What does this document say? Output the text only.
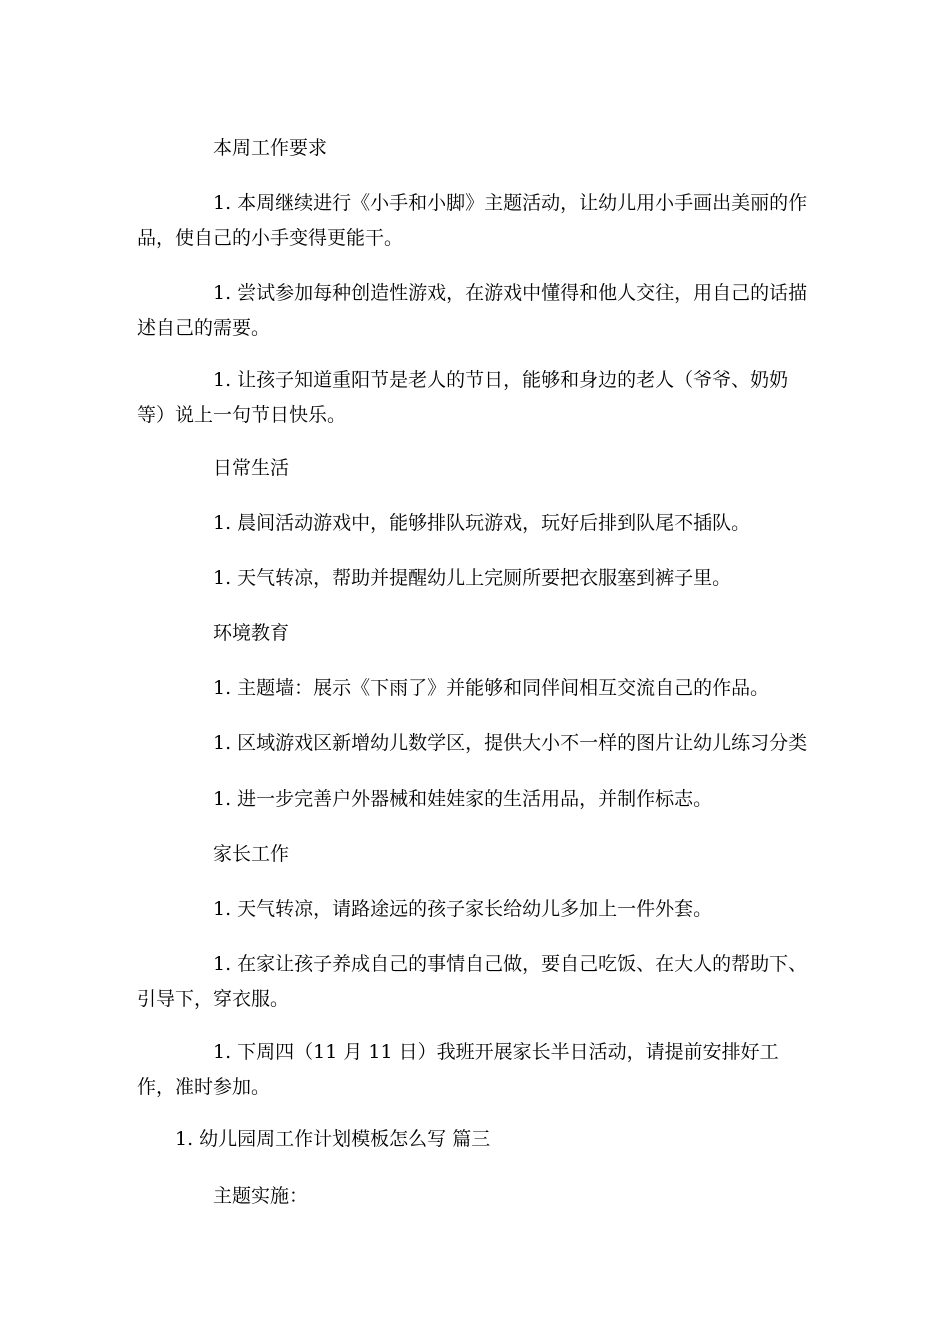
本周工作要求

1. 本周继续进行《小手和小脚》主题活动，让幼儿用小手画出美丽的作品，使自己的小手变得更能干。

1. 尝试参加每种创造性游戏，在游戏中懂得和他人交往，用自己的话描述自己的需要。

1. 让孩子知道重阳节是老人的节日，能够和身边的老人（爷爷、奶奶等）说上一句节日快乐。

日常生活

1. 晨间活动游戏中，能够排队玩游戏，玩好后排到队尾不插队。

1. 天气转凉，帮助并提醒幼儿上完厕所要把衣服塞到裤子里。

环境教育

1. 主题墙：展示《下雨了》并能够和同伴间相互交流自己的作品。

1. 区域游戏区新增幼儿数学区，提供大小不一样的图片让幼儿练习分类

1. 进一步完善户外器械和娃娃家的生活用品，并制作标志。

家长工作

1. 天气转凉，请路途远的孩子家长给幼儿多加上一件外套。

1. 在家让孩子养成自己的事情自己做，要自己吃饭、在大人的帮助下、引导下，穿衣服。

1. 下周四（11 月 11 日）我班开展家长半日活动，请提前安排好工作，准时参加。

1. 幼儿园周工作计划模板怎么写 篇三

主题实施：
